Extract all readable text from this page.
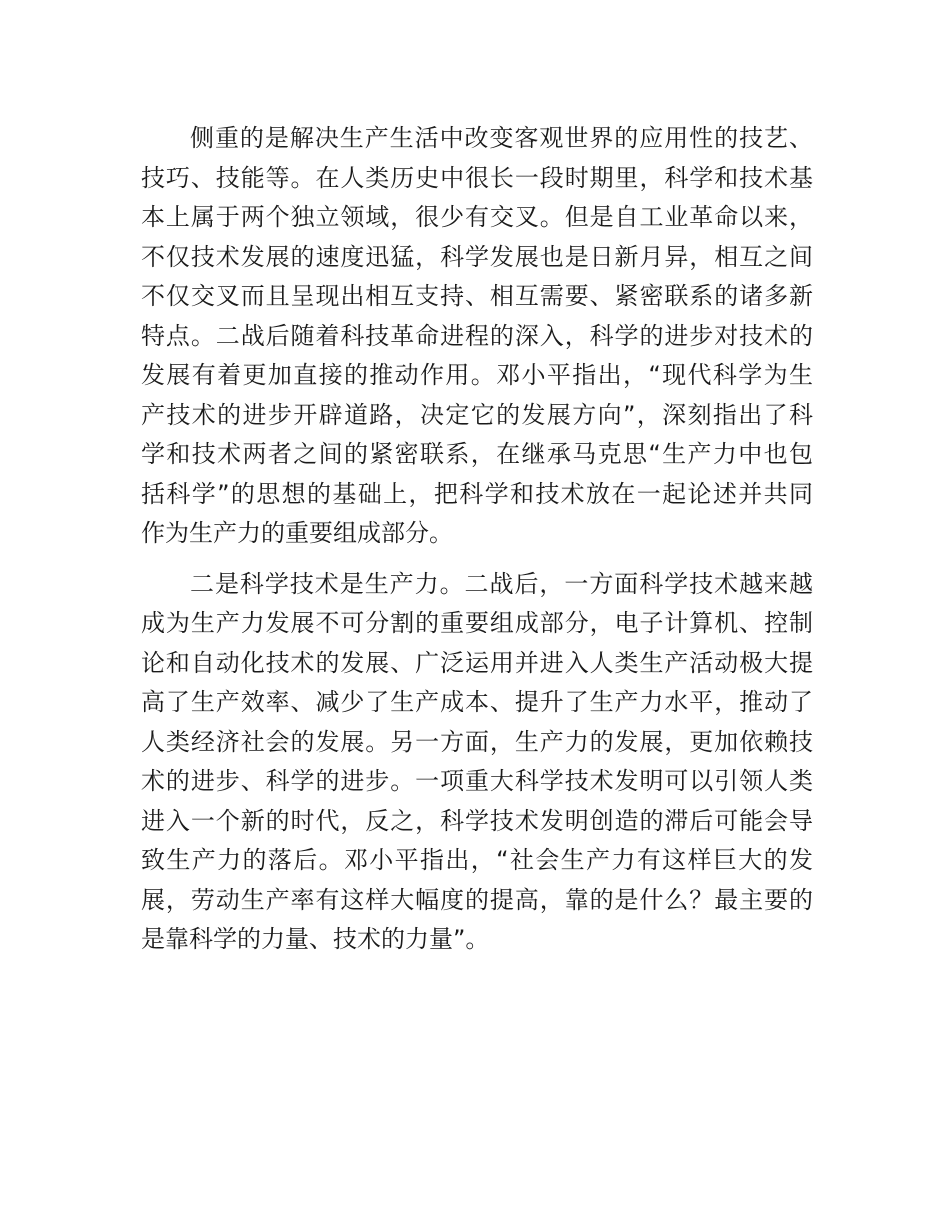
侧重的是解决生产生活中改变客观世界的应用性的技艺、
技巧、技能等。在人类历史中很长一段时期里，科学和技术基
本上属于两个独立领域，很少有交叉。但是自工业革命以来，
不仅技术发展的速度迅猛，科学发展也是日新月异，相互之间
不仅交叉而且呈现出相互支持、相互需要、紧密联系的诸多新
特点。二战后随着科技革命进程的深入，科学的进步对技术的
发展有着更加直接的推动作用。邓小平指出，“现代科学为生
产技术的进步开辟道路，决定它的发展方向”，深刻指出了科
学和技术两者之间的紧密联系，在继承马克思“生产力中也包
括科学”的思想的基础上，把科学和技术放在一起论述并共同
作为生产力的重要组成部分。
二是科学技术是生产力。二战后，一方面科学技术越来越
成为生产力发展不可分割的重要组成部分，电子计算机、控制
论和自动化技术的发展、广泛运用并进入人类生产活动极大提
高了生产效率、减少了生产成本、提升了生产力水平，推动了
人类经济社会的发展。另一方面，生产力的发展，更加依赖技
术的进步、科学的进步。一项重大科学技术发明可以引领人类
进入一个新的时代，反之，科学技术发明创造的滞后可能会导
致生产力的落后。邓小平指出，“社会生产力有这样巨大的发
展，劳动生产率有这样大幅度的提高，靠的是什么？最主要的
是靠科学的力量、技术的力量”。
